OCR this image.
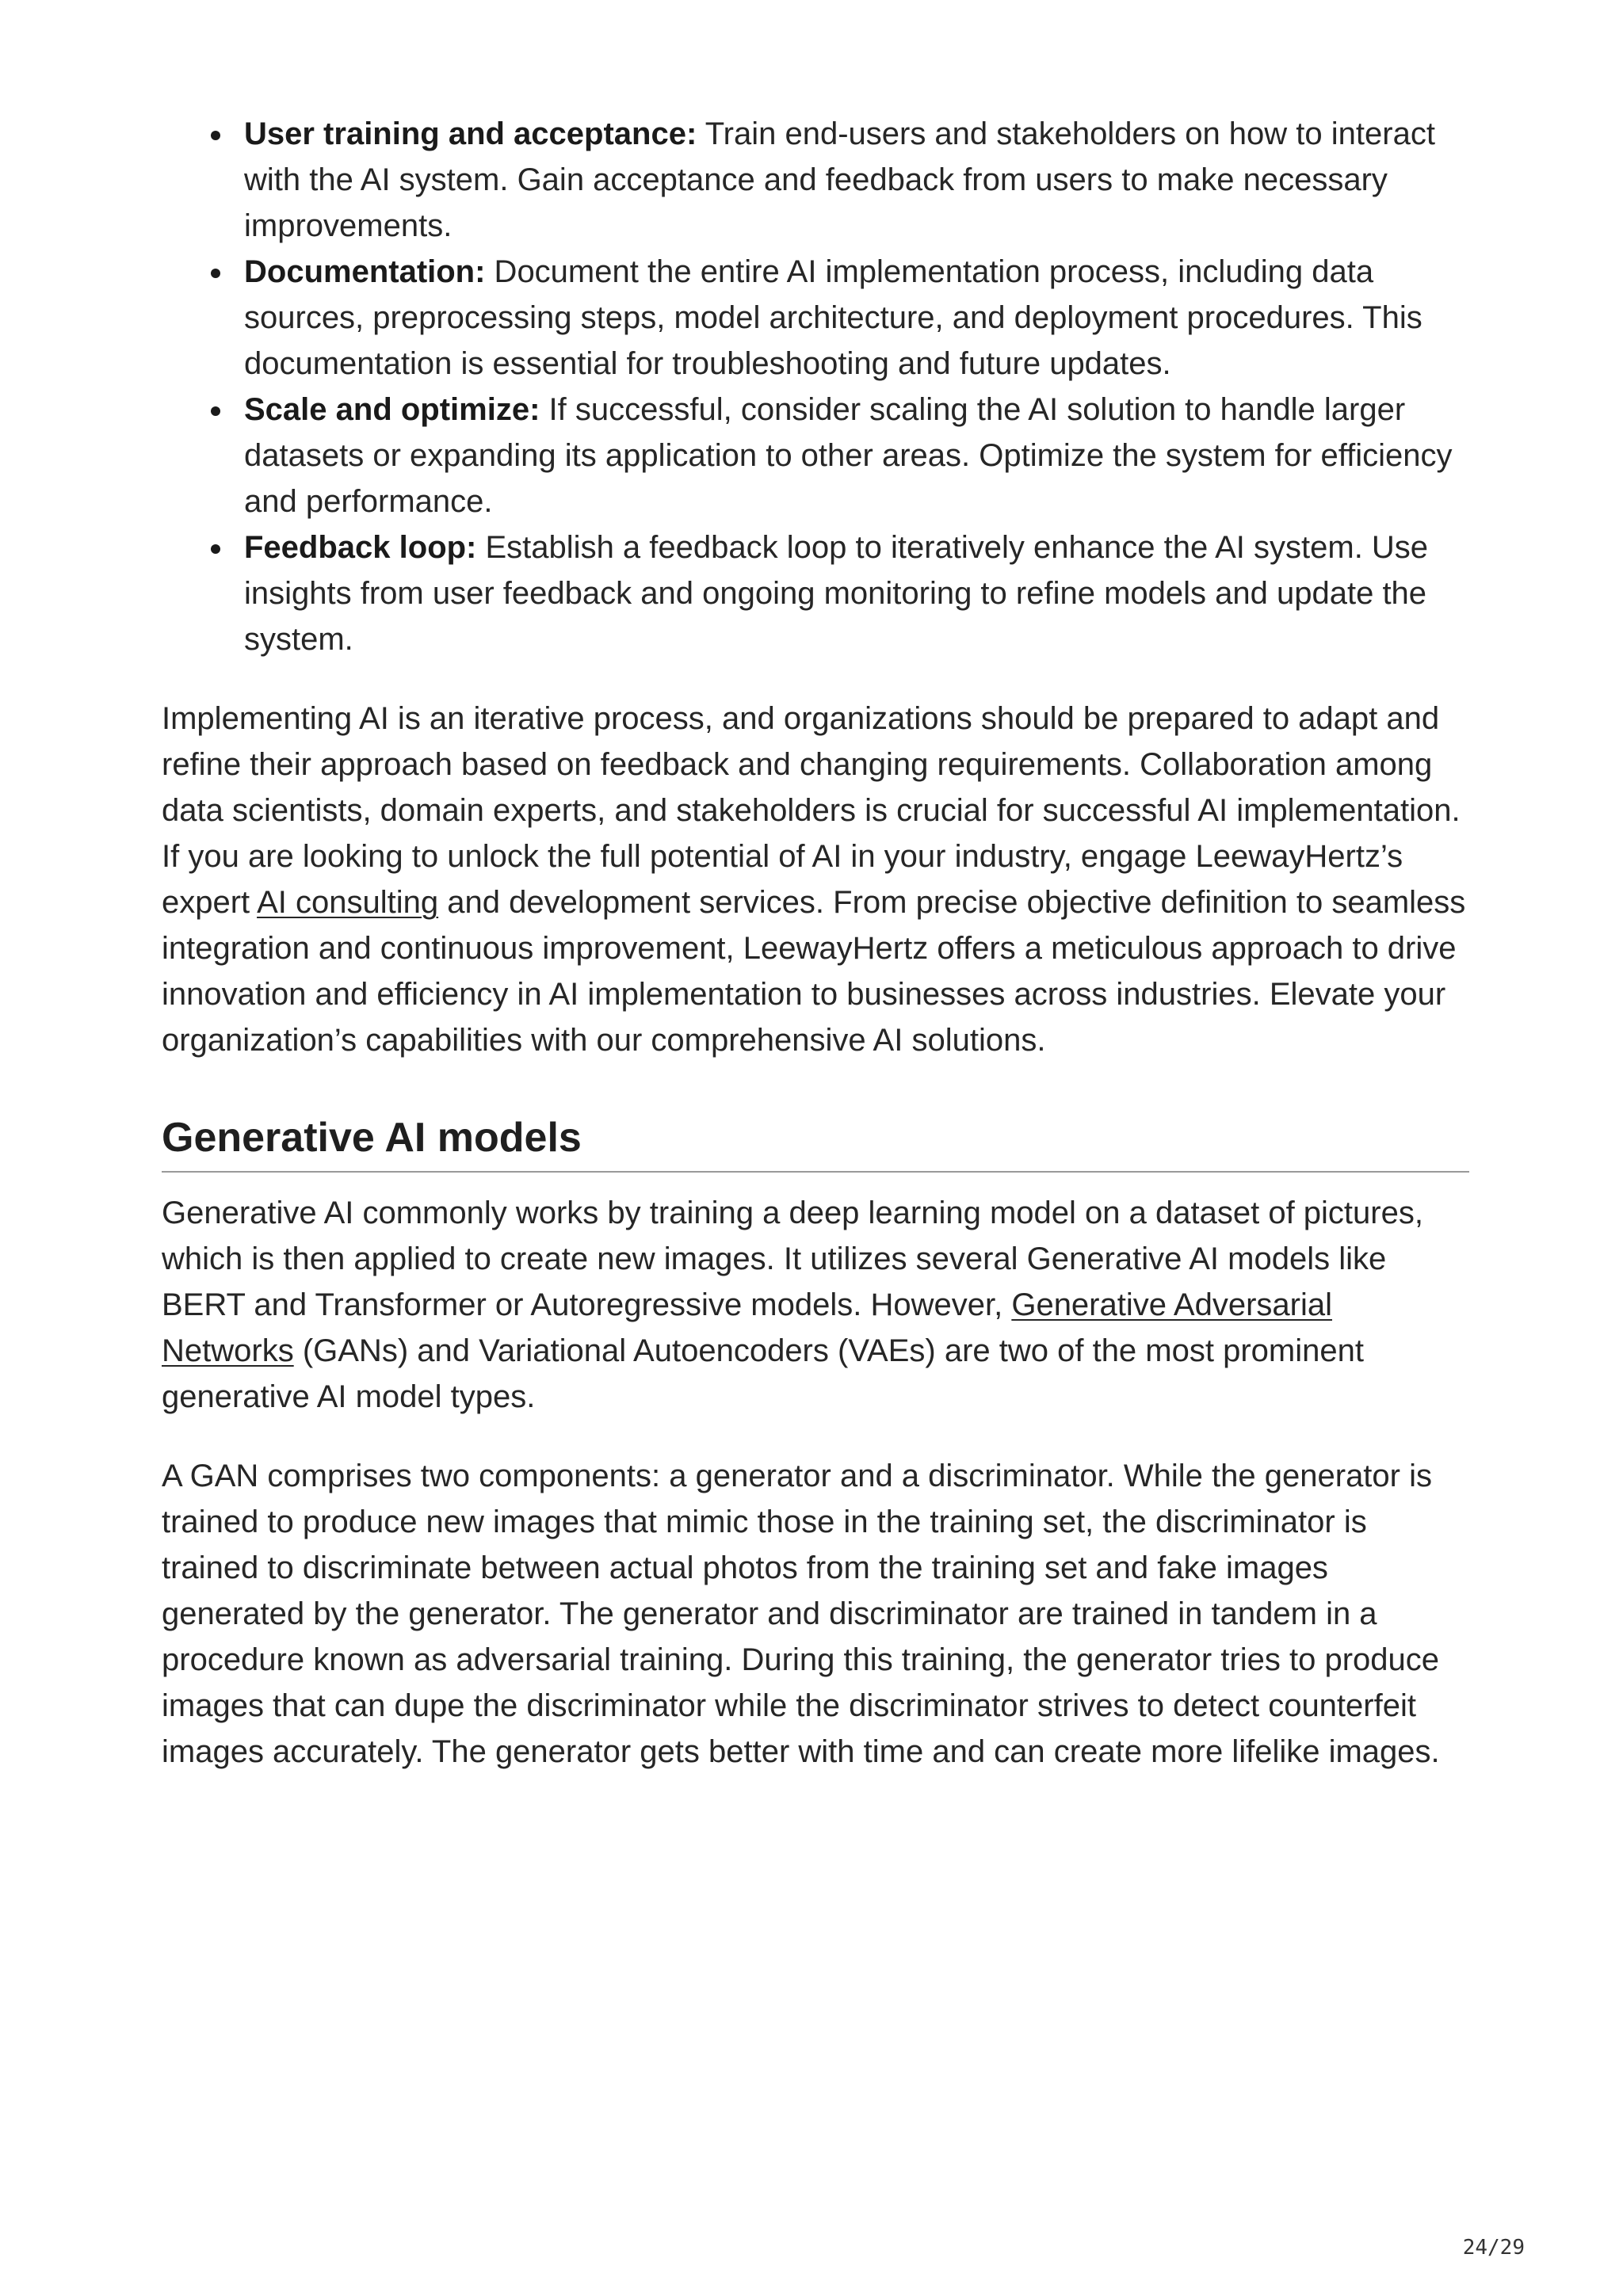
User training and acceptance: Train end-users and stakeholders on how to interact with the AI system. Gain acceptance and feedback from users to make necessary improvements.
Documentation: Document the entire AI implementation process, including data sources, preprocessing steps, model architecture, and deployment procedures. This documentation is essential for troubleshooting and future updates.
Scale and optimize: If successful, consider scaling the AI solution to handle larger datasets or expanding its application to other areas. Optimize the system for efficiency and performance.
Feedback loop: Establish a feedback loop to iteratively enhance the AI system. Use insights from user feedback and ongoing monitoring to refine models and update the system.

Implementing AI is an iterative process, and organizations should be prepared to adapt and refine their approach based on feedback and changing requirements. Collaboration among data scientists, domain experts, and stakeholders is crucial for successful AI implementation. If you are looking to unlock the full potential of AI in your industry, engage LeewayHertz’s expert AI consulting and development services. From precise objective definition to seamless integration and continuous improvement, LeewayHertz offers a meticulous approach to drive innovation and efficiency in AI implementation to businesses across industries. Elevate your organization’s capabilities with our comprehensive AI solutions.

Generative AI models

Generative AI commonly works by training a deep learning model on a dataset of pictures, which is then applied to create new images. It utilizes several Generative AI models like BERT and Transformer or Autoregressive models. However, Generative Adversarial Networks (GANs) and Variational Autoencoders (VAEs) are two of the most prominent generative AI model types.

A GAN comprises two components: a generator and a discriminator. While the generator is trained to produce new images that mimic those in the training set, the discriminator is trained to discriminate between actual photos from the training set and fake images generated by the generator. The generator and discriminator are trained in tandem in a procedure known as adversarial training. During this training, the generator tries to produce images that can dupe the discriminator while the discriminator strives to detect counterfeit images accurately. The generator gets better with time and can create more lifelike images.

24/29
